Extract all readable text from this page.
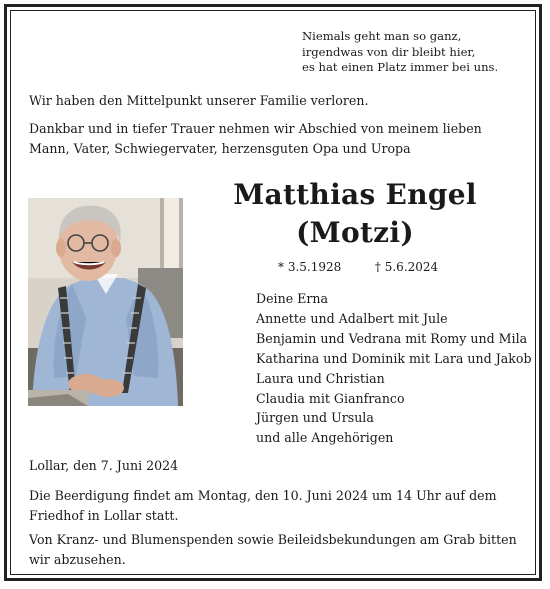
Niemals geht man so ganz,
irgendwas von dir bleibt hier,
es hat einen Platz immer bei uns.
Wir haben den Mittelpunkt unserer Familie verloren.
Dankbar und in tiefer Trauer nehmen wir Abschied von meinem lieben Mann, Vater, Schwiegervater, herzensguten Opa und Uropa
Matthias Engel
(Motzi)
* 3.5.1928	† 5.6.2024
Deine Erna
Annette und Adalbert mit Jule
Benjamin und Vedrana mit Romy und Mila
Katharina und Dominik mit Lara und Jakob
Laura und Christian
Claudia mit Gianfranco
Jürgen und Ursula
und alle Angehörigen
Lollar, den 7. Juni 2024
Die Beerdigung findet am Montag, den 10. Juni 2024 um 14 Uhr auf dem Friedhof in Lollar statt.
Von Kranz- und Blumenspenden sowie Beileidsbekundungen am Grab bitten wir abzusehen.
